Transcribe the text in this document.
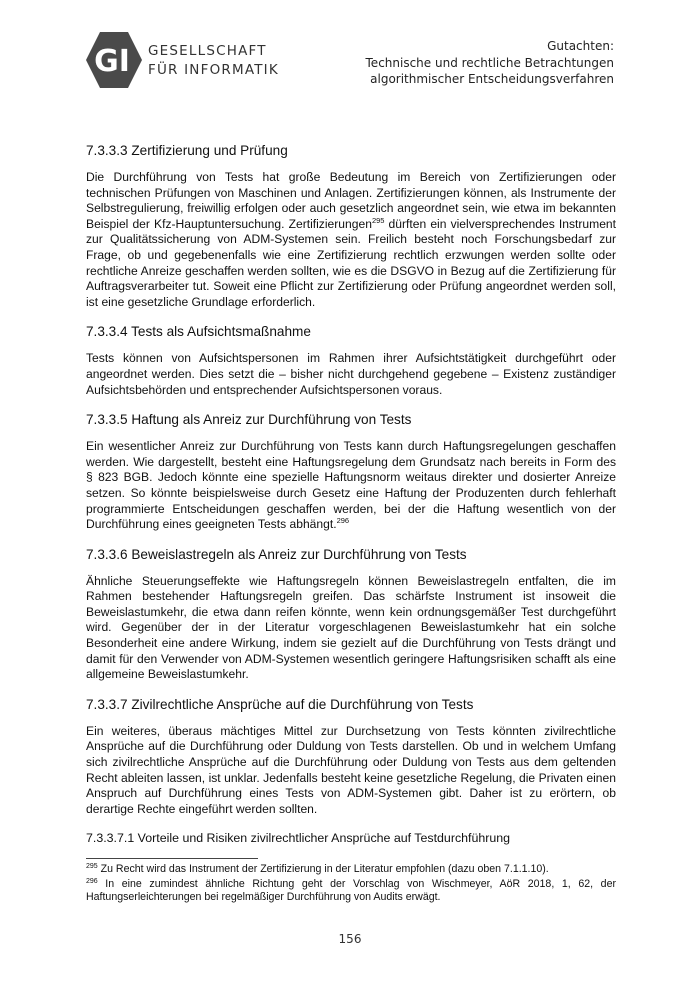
GI GESELLSCHAFT
FÜR INFORMATIK
Gutachten:
Technische und rechtliche Betrachtungen
algorithmischer Entscheidungsverfahren
7.3.3.3 Zertifizierung und Prüfung

Die Durchführung von Tests hat große Bedeutung im Bereich von Zertifizierungen oder technischen Prüfungen von Maschinen und Anlagen. Zertifizierungen können, als Instrumente der Selbstregulierung, freiwillig erfolgen oder auch gesetzlich angeordnet sein, wie etwa im bekannten Beispiel der Kfz-Hauptuntersuchung. Zertifizierungen$^{295}$ dürften ein vielversprechendes Instrument zur Qualitätssicherung von ADM-Systemen sein. Freilich besteht noch Forschungsbedarf zur Frage, ob und gegebenenfalls wie eine Zertifizierung rechtlich erzwungen werden sollte oder rechtliche Anreize geschaffen werden sollten, wie es die DSGVO in Bezug auf die Zertifizierung für Auftragsverarbeiter tut. Soweit eine Pflicht zur Zertifizierung oder Prüfung angeordnet werden soll, ist eine gesetzliche Grundlage erforderlich.

7.3.3.4 Tests als Aufsichtsmaßnahme

Tests können von Aufsichtspersonen im Rahmen ihrer Aufsichtstätigkeit durchgeführt oder angeordnet werden. Dies setzt die – bisher nicht durchgehend gegebene – Existenz zuständiger Aufsichtsbehörden und entsprechender Aufsichtspersonen voraus.

7.3.3.5 Haftung als Anreiz zur Durchführung von Tests

Ein wesentlicher Anreiz zur Durchführung von Tests kann durch Haftungsregelungen geschaffen werden. Wie dargestellt, besteht eine Haftungsregelung dem Grundsatz nach bereits in Form des § 823 BGB. Jedoch könnte eine spezielle Haftungsnorm weitaus direkter und dosierter Anreize setzen. So könnte beispielsweise durch Gesetz eine Haftung der Produzenten durch fehlerhaft programmierte Entscheidungen geschaffen werden, bei der die Haftung wesentlich von der Durchführung eines geeigneten Tests abhängt.$^{296}$

7.3.3.6 Beweislastregeln als Anreiz zur Durchführung von Tests

Ähnliche Steuerungseffekte wie Haftungsregeln können Beweislastregeln entfalten, die im Rahmen bestehender Haftungsregeln greifen. Das schärfste Instrument ist insoweit die Beweislastumkehr, die etwa dann reifen könnte, wenn kein ordnungsgemäßer Test durchgeführt wird. Gegenüber der in der Literatur vorgeschlagenen Beweislastumkehr hat ein solche Besonderheit eine andere Wirkung, indem sie gezielt auf die Durchführung von Tests drängt und damit für den Verwender von ADM-Systemen wesentlich geringere Haftungsrisiken schafft als eine allgemeine Beweislastumkehr.

7.3.3.7 Zivilrechtliche Ansprüche auf die Durchführung von Tests

Ein weiteres, überaus mächtiges Mittel zur Durchsetzung von Tests könnten zivilrechtliche Ansprüche auf die Durchführung oder Duldung von Tests darstellen. Ob und in welchem Umfang sich zivilrechtliche Ansprüche auf die Durchführung oder Duldung von Tests aus dem geltenden Recht ableiten lassen, ist unklar. Jedenfalls besteht keine gesetzliche Regelung, die Privaten einen Anspruch auf Durchführung eines Tests von ADM-Systemen gibt. Daher ist zu erörtern, ob derartige Rechte eingeführt werden sollten.

7.3.3.7.1 Vorteile und Risiken zivilrechtlicher Ansprüche auf Testdurchführung
$^{295}$ Zu Recht wird das Instrument der Zertifizierung in der Literatur empfohlen (dazu oben 7.1.1.10).
$^{296}$ In eine zumindest ähnliche Richtung geht der Vorschlag von Wischmeyer, AöR 2018, 1, 62, der Haftungserleichterungen bei regelmäßiger Durchführung von Audits erwägt.
156
